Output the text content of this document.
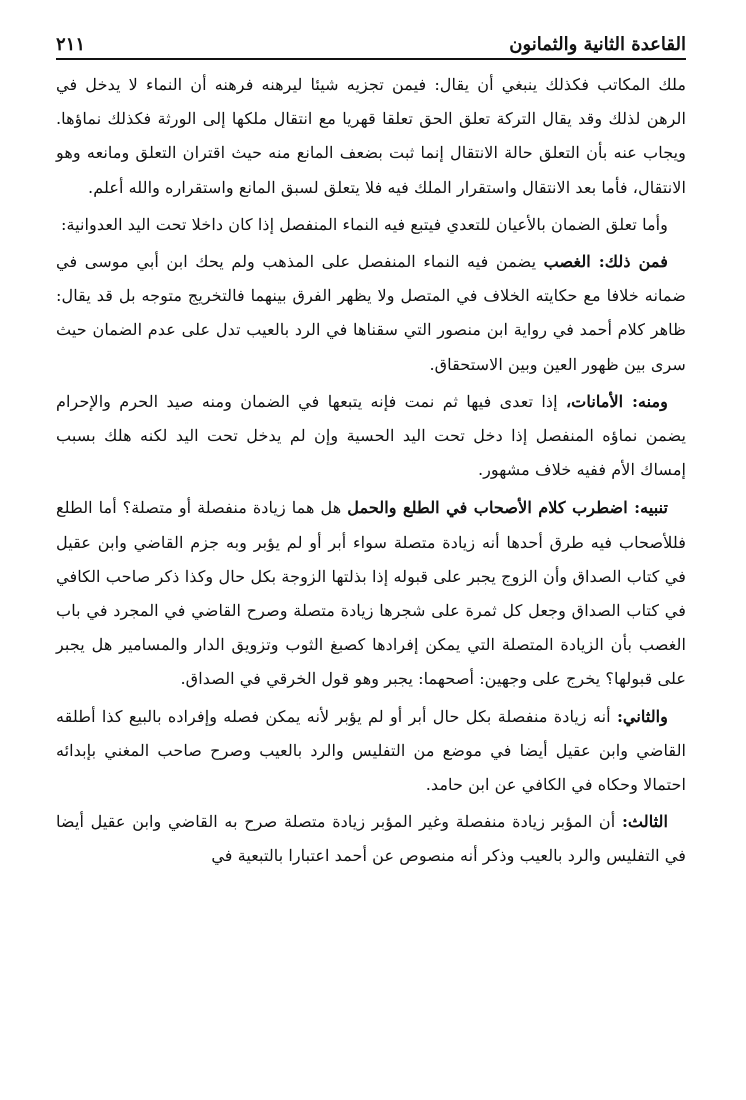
القاعدة الثانية والثمانون
٢١١

ملك المكاتب فكذلك ينبغي أن يقال: فيمن تجزيه شيئا ليرهنه فرهنه أن النماء لا يدخل في الرهن لذلك وقد يقال التركة تعلق الحق تعلقا قهريا مع انتقال ملكها إلى الورثة فكذلك نماؤها. ويجاب عنه بأن التعلق حالة الانتقال إنما ثبت بضعف المانع منه حيث اقتران التعلق ومانعه وهو الانتقال، فأما بعد الانتقال واستقرار الملك فيه فلا يتعلق لسبق المانع واستقراره والله أعلم.

وأما تعلق الضمان بالأعيان للتعدي فيتبع فيه النماء المنفصل إذا كان داخلا تحت اليد العدوانية:

فمن ذلك: الغصب يضمن فيه النماء المنفصل على المذهب ولم يحك ابن أبي موسى في ضمانه خلافا مع حكايته الخلاف في المتصل ولا يظهر الفرق بينهما فالتخريج متوجه بل قد يقال: ظاهر كلام أحمد في رواية ابن منصور التي سقناها في الرد بالعيب تدل على عدم الضمان حيث سرى بين ظهور العين وبين الاستحقاق.

ومنه: الأمانات، إذا تعدى فيها ثم نمت فإنه يتبعها في الضمان ومنه صيد الحرم والإحرام يضمن نماؤه المنفصل إذا دخل تحت اليد الحسية وإن لم يدخل تحت اليد لكنه هلك بسبب إمساك الأم ففيه خلاف مشهور.

تنبيه: اضطرب كلام الأصحاب في الطلع والحمل هل هما زيادة منفصلة أو متصلة؟ أما الطلع فللأصحاب فيه طرق أحدها أنه زيادة متصلة سواء أبر أو لم يؤبر وبه جزم القاضي وابن عقيل في كتاب الصداق وأن الزوج يجبر على قبوله إذا بذلتها الزوجة بكل حال وكذا ذكر صاحب الكافي في كتاب الصداق وجعل كل ثمرة على شجرها زيادة متصلة وصرح القاضي في المجرد في باب الغصب بأن الزيادة المتصلة التي يمكن إفرادها كصبغ الثوب وتزويق الدار والمسامير هل يجبر على قبولها؟ يخرج على وجهين: أصحهما: يجبر وهو قول الخرقي في الصداق.

والثاني: أنه زيادة منفصلة بكل حال أبر أو لم يؤبر لأنه يمكن فصله وإفراده بالبيع كذا أطلقه القاضي وابن عقيل أيضا في موضع من التفليس والرد بالعيب وصرح صاحب المغني بإبدائه احتمالا وحكاه في الكافي عن ابن حامد.

الثالث: أن المؤبر زيادة منفصلة وغير المؤبر زيادة متصلة صرح به القاضي وابن عقيل أيضا في التفليس والرد بالعيب وذكر أنه منصوص عن أحمد اعتبارا بالتبعية في
